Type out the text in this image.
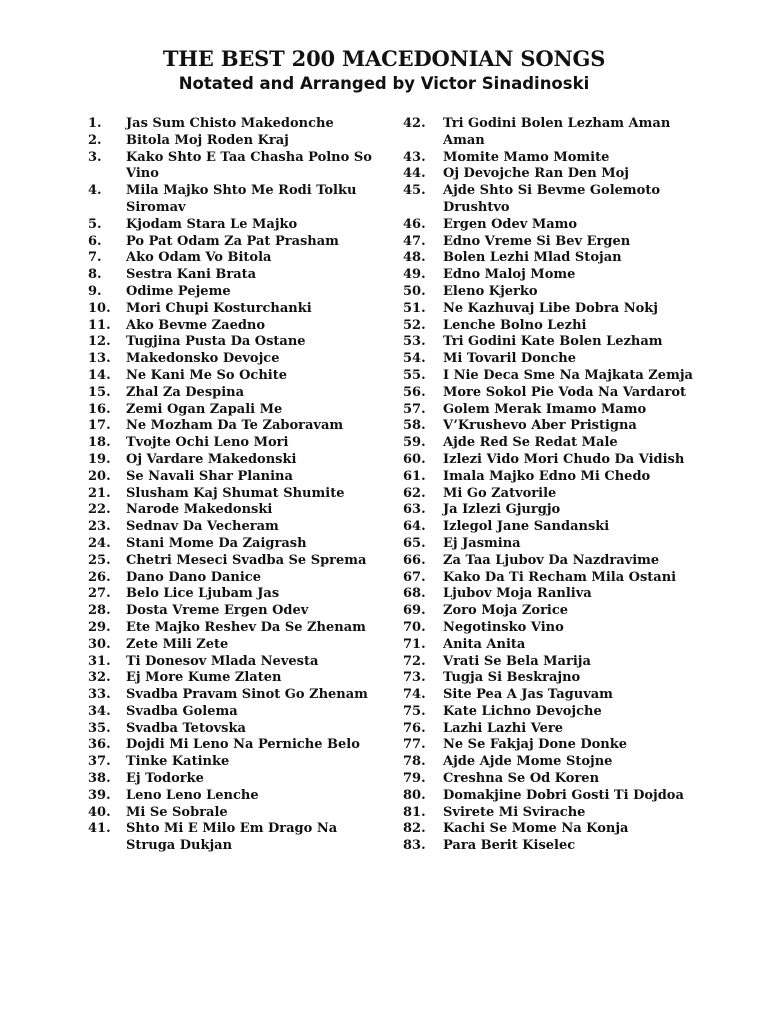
THE BEST 200 MACEDONIAN SONGS
Notated and Arranged by Victor Sinadinoski
1.	Jas Sum Chisto Makedonche
2.	Bitola Moj Roden Kraj
3.	Kako Shto E Taa Chasha Polno So Vino
4.	Mila Majko Shto Me Rodi Tolku Siromav
5.	Kjodam Stara Le Majko
6.	Po Pat Odam Za Pat Prasham
7.	Ako Odam Vo Bitola
8.	Sestra Kani Brata
9.	Odime Pejeme
10.	Mori Chupi Kosturchanki
11.	Ako Bevme Zaedno
12.	Tugjina Pusta Da Ostane
13.	Makedonsko Devojce
14.	Ne Kani Me So Ochite
15.	Zhal Za Despina
16.	Zemi Ogan Zapali Me
17.	Ne Mozham Da Te Zaboravam
18.	Tvojte Ochi Leno Mori
19.	Oj Vardare Makedonski
20.	Se Navali Shar Planina
21.	Slusham Kaj Shumat Shumite
22.	Narode Makedonski
23.	Sednav Da Vecheram
24.	Stani Mome Da Zaigrash
25.	Chetri Meseci Svadba Se Sprema
26.	Dano Dano Danice
27.	Belo Lice Ljubam Jas
28.	Dosta Vreme Ergen Odev
29.	Ete Majko Reshev Da Se Zhenam
30.	Zete Mili Zete
31.	Ti Donesov Mlada Nevesta
32.	Ej More Kume Zlaten
33.	Svadba Pravam Sinot Go Zhenam
34.	Svadba Golema
35.	Svadba Tetovska
36.	Dojdi Mi Leno Na Perniche Belo
37.	Tinke Katinke
38.	Ej Todorke
39.	Leno Leno Lenche
40.	Mi Se Sobrale
41.	Shto Mi E Milo Em Drago Na Struga Dukjan
42.	Tri Godini Bolen Lezham Aman Aman
43.	Momite Mamo Momite
44.	Oj Devojche Ran Den Moj
45.	Ajde Shto Si Bevme Golemoto Drushtvo
46.	Ergen Odev Mamo
47.	Edno Vreme Si Bev Ergen
48.	Bolen Lezhi Mlad Stojan
49.	Edno Maloj Mome
50.	Eleno Kjerko
51.	Ne Kazhuvaj Libe Dobra Nokj
52.	Lenche Bolno Lezhi
53.	Tri Godini Kate Bolen Lezham
54.	Mi Tovaril Donche
55.	I Nie Deca Sme Na Majkata Zemja
56.	More Sokol Pie Voda Na Vardarot
57.	Golem Merak Imamo Mamo
58.	V’Krushevo Aber Pristigna
59.	Ajde Red Se Redat Male
60.	Izlezi Vido Mori Chudo Da Vidish
61.	Imala Majko Edno Mi Chedo
62.	Mi Go Zatvorile
63.	Ja Izlezi Gjurgjo
64.	Izlegol Jane Sandanski
65.	Ej Jasmina
66.	Za Taa Ljubov Da Nazdravime
67.	Kako Da Ti Recham Mila Ostani
68.	Ljubov Moja Ranliva
69.	Zoro Moja Zorice
70.	Negotinsko Vino
71.	Anita Anita
72.	Vrati Se Bela Marija
73.	Tugja Si Beskrajno
74.	Site Pea A Jas Taguvam
75.	Kate Lichno Devojche
76.	Lazhi Lazhi Vere
77.	Ne Se Fakjaj Done Donke
78.	Ajde Ajde Mome Stojne
79.	Creshna Se Od Koren
80.	Domakjine Dobri Gosti Ti Dojdoa
81.	Svirete Mi Svirache
82.	Kachi Se Mome Na Konja
83.	Para Berit Kiselec
